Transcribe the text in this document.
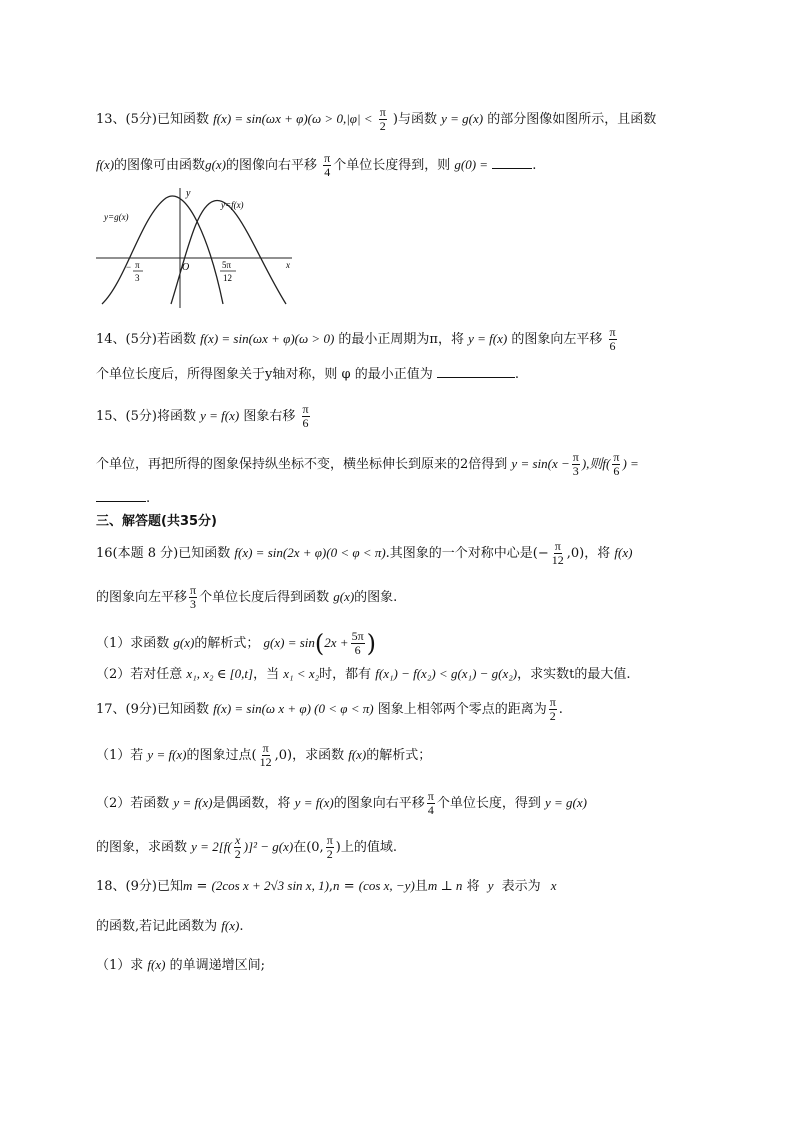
13、(5分)已知函数 $f(x) = \sin(\omega x + \varphi)(\omega > 0,|\varphi| < \frac{\pi}{2}$ )与函数 y = g(x) 的部分图像如图所示，且函数
f(x)的图像可由函数g(x)的图像向右平移 $\frac{\pi}{4}$ 个单位长度得到，则 g(0) =	.
y
x
O
y=g(x)
y=f(x)
− π
3
5π
12
14、(5分)若函数 f(x) = sin(ωx + φ)(ω > 0) 的最小正周期为π，将 y = f(x) 的图象向左平移 $\frac{\pi}{6}$
个单位长度后，所得图象关于y轴对称，则 φ 的最小正值为	.
15、(5分)将函数 y = f(x) 图象右移 $\frac{\pi}{6}$
个单位，再把所得的图象保持纵坐标不变，横坐标伸长到原来的2倍得到 $y = \sin(x - \frac{\pi}{3}$ ),则$f( \frac{\pi}{6}$ ) =
.
三、解答题(共35分)
16(本题 8 分)已知函数 f(x) = sin(2x + φ)(0 < φ < π).其图象的一个对称中心是(− $\frac{\pi}{12} ,0$)，将 f(x)
的图象向左平移 $\frac{\pi}{3}$ 个单位长度后得到函数 g(x)的图象.
（1）求函数 g(x)的解析式； $g(x) = \sin(2x + \frac{5\pi}{6}$ )
（2）若对任意 x₁, x₂ ∈ [0,t]，当 x₁ < x₂时，都有 f(x₁) − f(x₂) < g(x₁) − g(x₂)，求实数t的最大值.
17、(9分)已知函数 f(x) = sin(ω x + φ) (0 < φ < π) 图象上相邻两个零点的距离为 $\frac{\pi}{2}$ .
（1）若 y = f(x)的图象过点( $\frac{\pi}{12} ,0$)，求函数 f(x)的解析式；
（2）若函数 y = f(x)是偶函数，将 y = f(x)的图象向右平移 $\frac{\pi}{4}$ 个单位长度，得到 y = g(x)
的图象，求函数 $y = 2[f( \frac{x}{2} )]^2 - g(x)$在(0, $\frac{\pi}{2}$ )上的值域.
18、(9分)已知m = (2cos x + 2√3 sin x, 1),n = (cos x, −y)且m ⊥ n 将 y 表示为 x
的函数,若记此函数为 f(x).
（1）求 f(x) 的单调递增区间;
